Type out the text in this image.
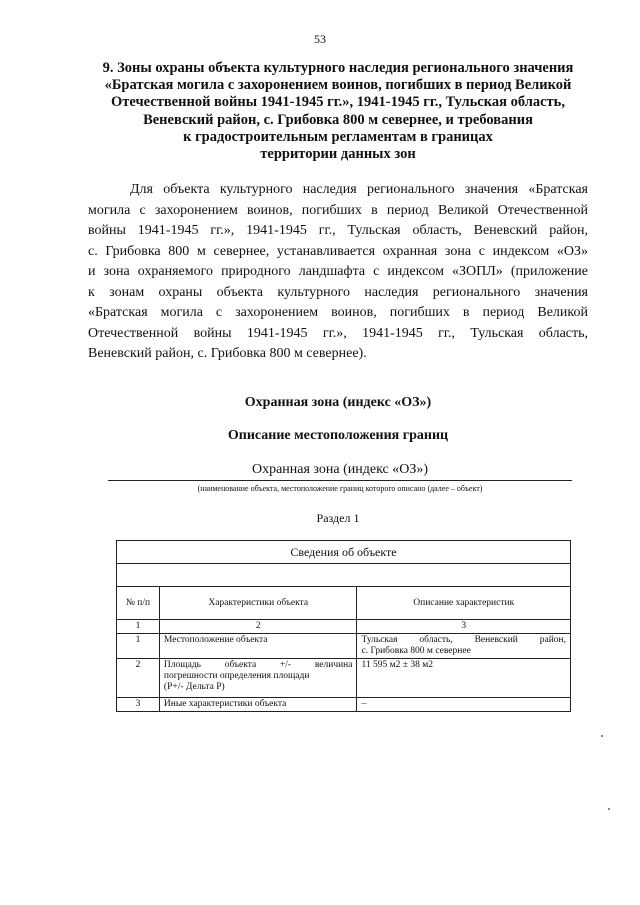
53
9. Зоны охраны объекта культурного наследия регионального значения
«Братская могила с захоронением воинов, погибших в период Великой
Отечественной войны 1941-1945 гг.», 1941-1945 гг., Тульская область,
Веневский район, с. Грибовка 800 м севернее, и требования
к градостроительным регламентам в границах
территории данных зон
Для объекта культурного наследия регионального значения «Братская
могила с захоронением воинов, погибших в период Великой Отечественной
войны 1941-1945 гг.», 1941-1945 гг., Тульская область, Веневский район,
с. Грибовка 800 м севернее, устанавливается охранная зона с индексом «ОЗ»
и зона охраняемого природного ландшафта с индексом «ЗОПЛ» (приложение
к зонам охраны объекта культурного наследия регионального значения
«Братская могила с захоронением воинов, погибших в период Великой
Отечественной войны 1941-1945 гг.», 1941-1945 гг., Тульская область,
Веневский район, с. Грибовка 800 м севернее).
Охранная зона (индекс «ОЗ»)
Описание местоположения границ
Охранная зона (индекс «ОЗ»)
(наименование объекта, местоположение границ которого описано (далее – объект)
Раздел 1
Сведения об объекте		

№ п/п	Характеристики объекта	Описание характеристик
1	2	3
1	Местоположение объекта	Тульская область, Веневский район,
с. Грибовка 800 м севернее
2	Площадь объекта +/- величина
погрешности определения площади
(P+/- Дельта P)	11 595 м2 ± 38 м2
3	Иные характеристики объекта	–
